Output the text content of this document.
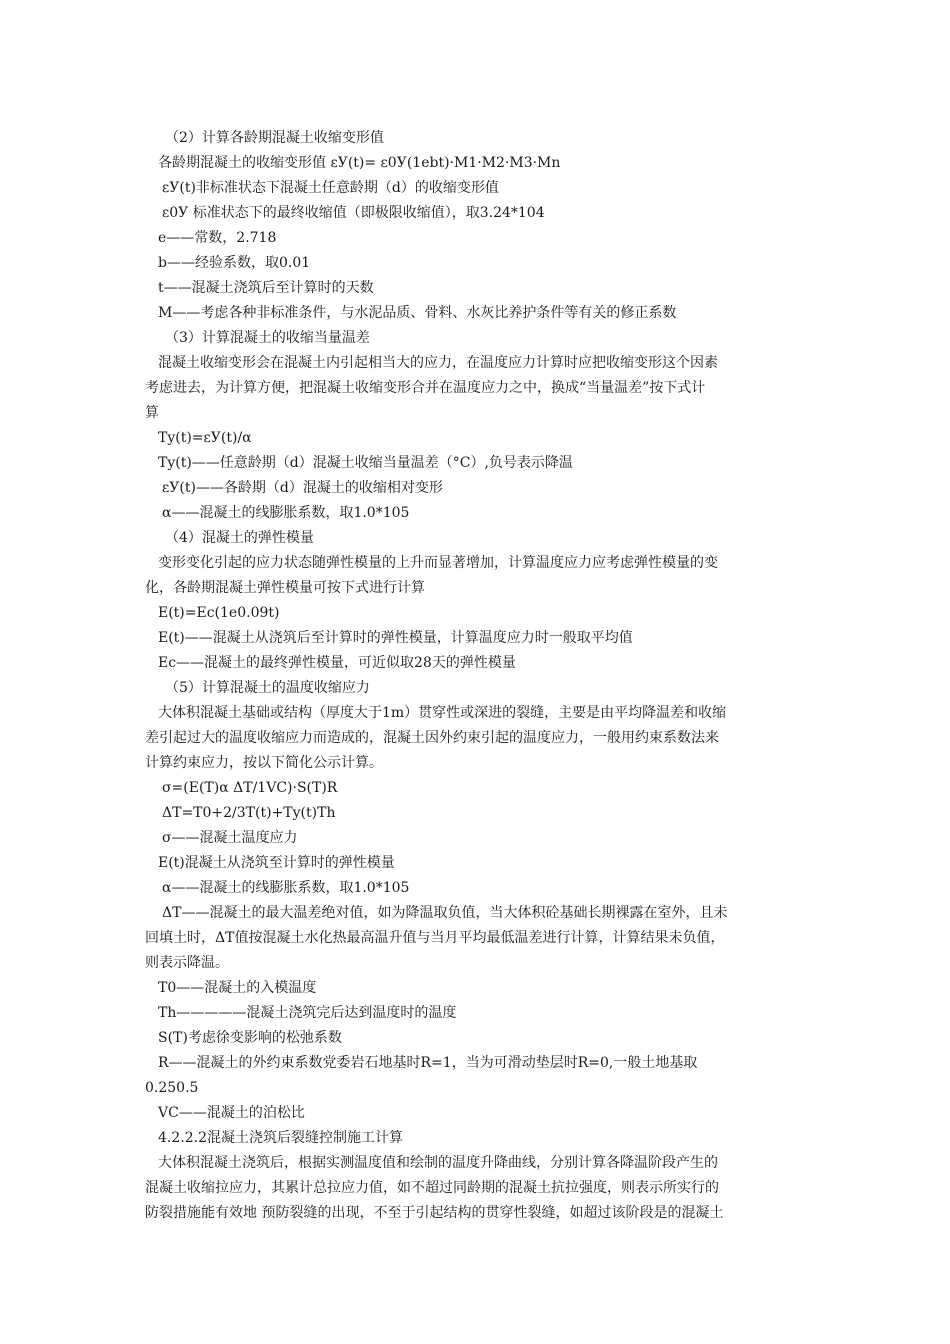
（2）计算各龄期混凝土收缩变形值
各龄期混凝土的收缩变形值 εУ(t)= ε0У(1ebt)·M1·M2·M3·Mn
εУ(t)非标准状态下混凝土任意龄期（d）的收缩变形值
ε0У 标准状态下的最终收缩值（即极限收缩值），取3.24*104
e——常数，2.718
b——经验系数，取0.01
t——混凝土浇筑后至计算时的天数
M——考虑各种非标准条件，与水泥品质、骨料、水灰比养护条件等有关的修正系数
（3）计算混凝土的收缩当量温差
混凝土收缩变形会在混凝土内引起相当大的应力，在温度应力计算时应把收缩变形这个因素
考虑进去，为计算方便，把混凝土收缩变形合并在温度应力之中，换成“当量温差”按下式计
算
Ty(t)=εУ(t)/α
Ty(t)——任意龄期（d）混凝土收缩当量温差（°C）,负号表示降温
εУ(t)——各龄期（d）混凝土的收缩相对变形
α——混凝土的线膨胀系数，取1.0*105
（4）混凝土的弹性模量
变形变化引起的应力状态随弹性模量的上升而显著增加，计算温度应力应考虑弹性模量的变
化，各龄期混凝土弹性模量可按下式进行计算
E(t)=Ec(1e0.09t)
E(t)——混凝土从浇筑后至计算时的弹性模量，计算温度应力时一般取平均值
Ec——混凝土的最终弹性模量，可近似取28天的弹性模量
（5）计算混凝土的温度收缩应力
大体积混凝土基础或结构（厚度大于1m）贯穿性或深进的裂缝，主要是由平均降温差和收缩
差引起过大的温度收缩应力而造成的，混凝土因外约束引起的温度应力，一般用约束系数法来
计算约束应力，按以下简化公示计算。
σ=(E(T)α ΔT/1VC)·S(T)R
ΔT=T0+2/3T(t)+Ty(t)Th
σ——混凝土温度应力
E(t)混凝土从浇筑至计算时的弹性模量
α——混凝土的线膨胀系数，取1.0*105
ΔT——混凝土的最大温差绝对值，如为降温取负值，当大体积砼基础长期裸露在室外，且未
回填土时，ΔT值按混凝土水化热最高温升值与当月平均最低温差进行计算，计算结果未负值，
则表示降温。
T0——混凝土的入模温度
Th—————混凝土浇筑完后达到温度时的温度
S(T)考虑徐变影响的松弛系数
R——混凝土的外约束系数党委岩石地基时R=1，当为可滑动垫层时R=0,一般土地基取
0.250.5
VC——混凝土的泊松比
4.2.2.2混凝土浇筑后裂缝控制施工计算
大体积混凝土浇筑后，根据实测温度值和绘制的温度升降曲线，分别计算各降温阶段产生的
混凝土收缩拉应力，其累计总拉应力值，如不超过同龄期的混凝土抗拉强度，则表示所实行的
防裂措施能有效地 预防裂缝的出现，不至于引起结构的贯穿性裂缝，如超过该阶段是的混凝土
